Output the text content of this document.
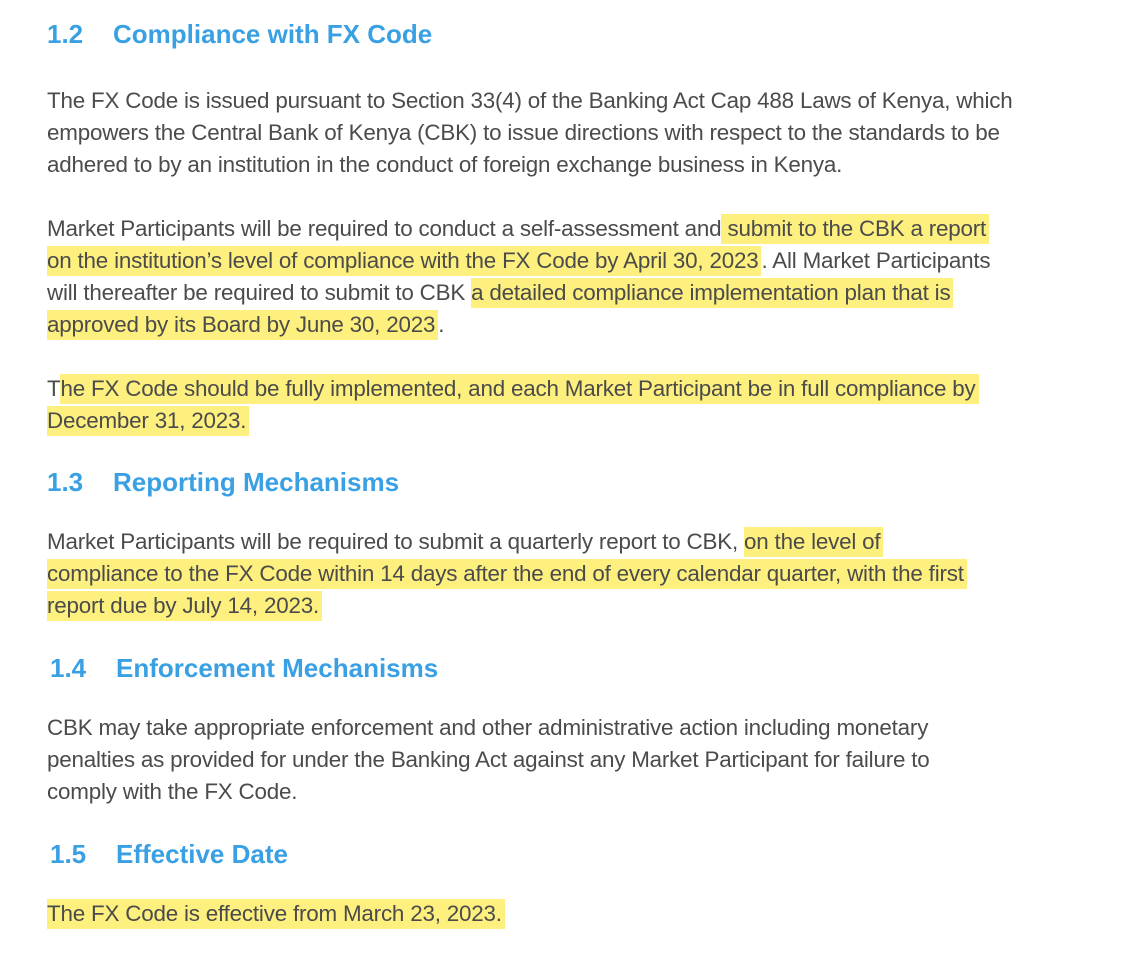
1.2 Compliance with FX Code

The FX Code is issued pursuant to Section 33(4) of the Banking Act Cap 488 Laws of Kenya, which
empowers the Central Bank of Kenya (CBK) to issue directions with respect to the standards to be
adhered to by an institution in the conduct of foreign exchange business in Kenya.

Market Participants will be required to conduct a self-assessment and submit to the CBK a report
on the institution’s level of compliance with the FX Code by April 30, 2023 . All Market Participants
will thereafter be required to submit to CBK a detailed compliance implementation plan that is
approved by its Board by June 30, 2023 .

The FX Code should be fully implemented, and each Market Participant be in full compliance by
December 31, 2023.

1.3 Reporting Mechanisms

Market Participants will be required to submit a quarterly report to CBK, on the level of
compliance to the FX Code within 14 days after the end of every calendar quarter, with the first
report due by July 14, 2023.

1.4 Enforcement Mechanisms

CBK may take appropriate enforcement and other administrative action including monetary
penalties as provided for under the Banking Act against any Market Participant for failure to
comply with the FX Code.

1.5 Effective Date

The FX Code is effective from March 23, 2023.
